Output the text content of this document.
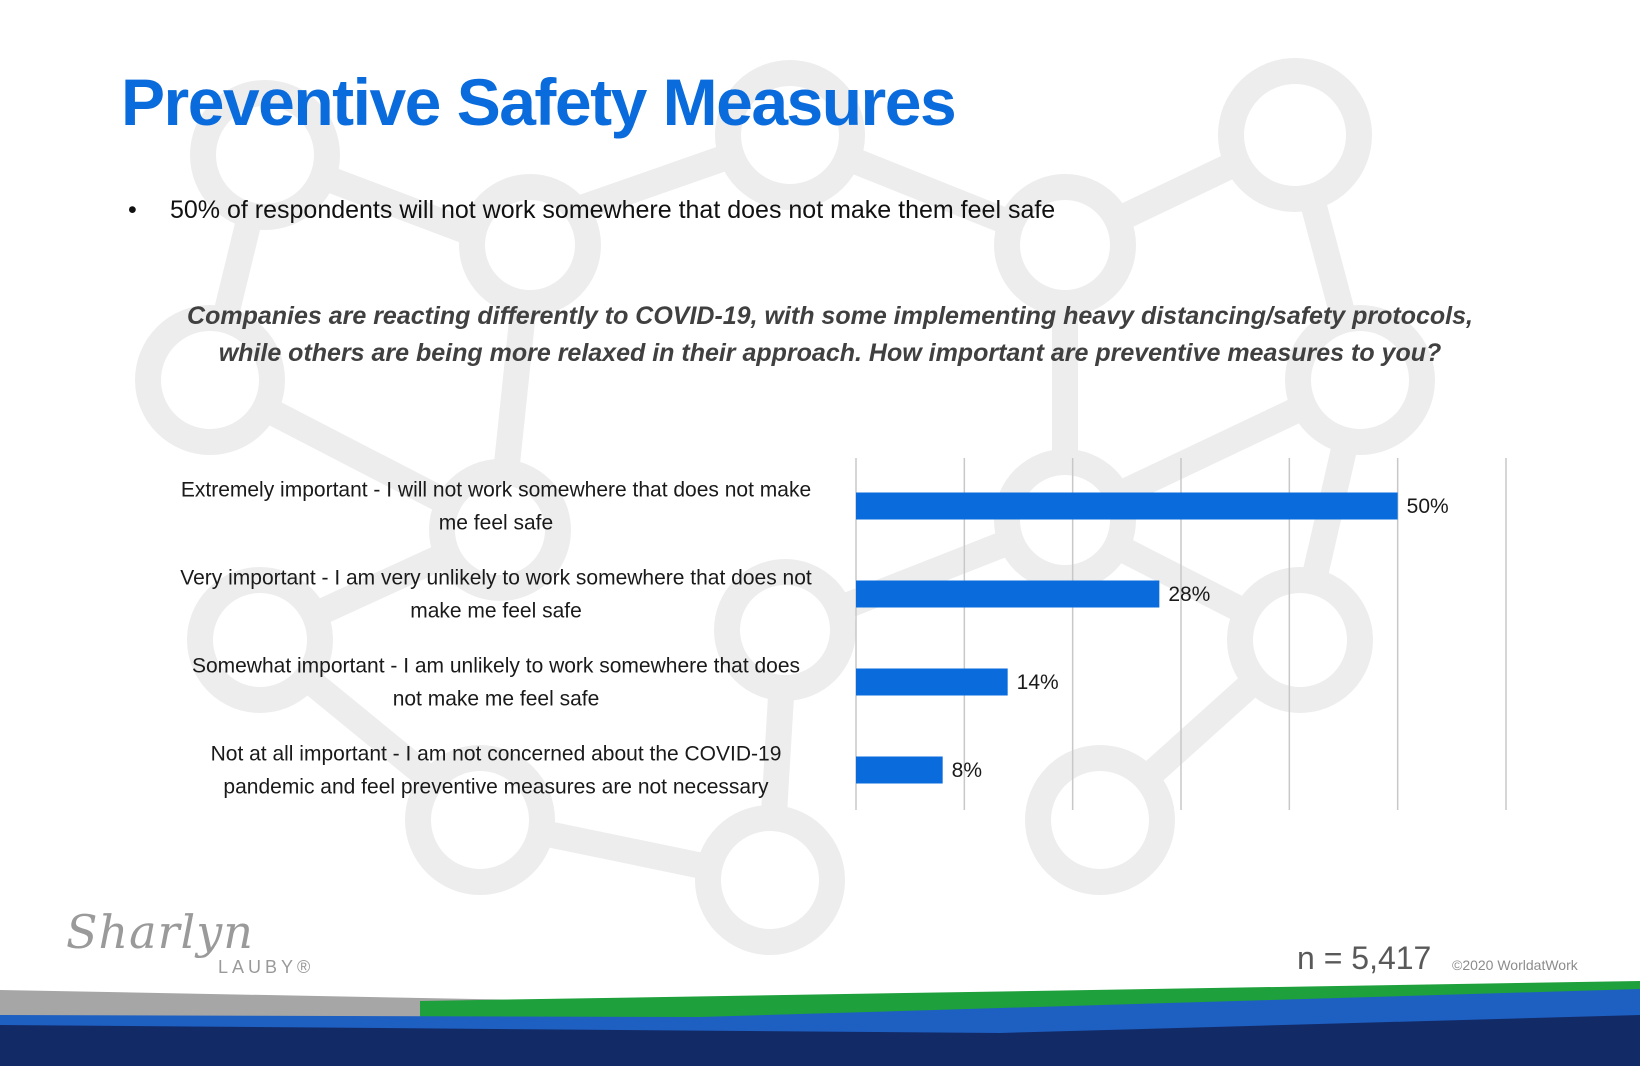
Preventive Safety Measures
• 50% of respondents will not work somewhere that does not make them feel safe
Companies are reacting differently to COVID-19, with some implementing heavy distancing/safety protocols,
while others are being more relaxed in their approach. How important are preventive measures to you?
50%
Extremely important - I will not work somewhere that does not make
me feel safe
28%
Very important - I am very unlikely to work somewhere that does not
make me feel safe
14%
Somewhat important - I am unlikely to work somewhere that does
not make me feel safe
8%
Not at all important - I am not concerned about the COVID-19
pandemic and feel preventive measures are not necessary
Sharlyn
LAUBY®	n = 5,417 ©2020 WorldatWork
